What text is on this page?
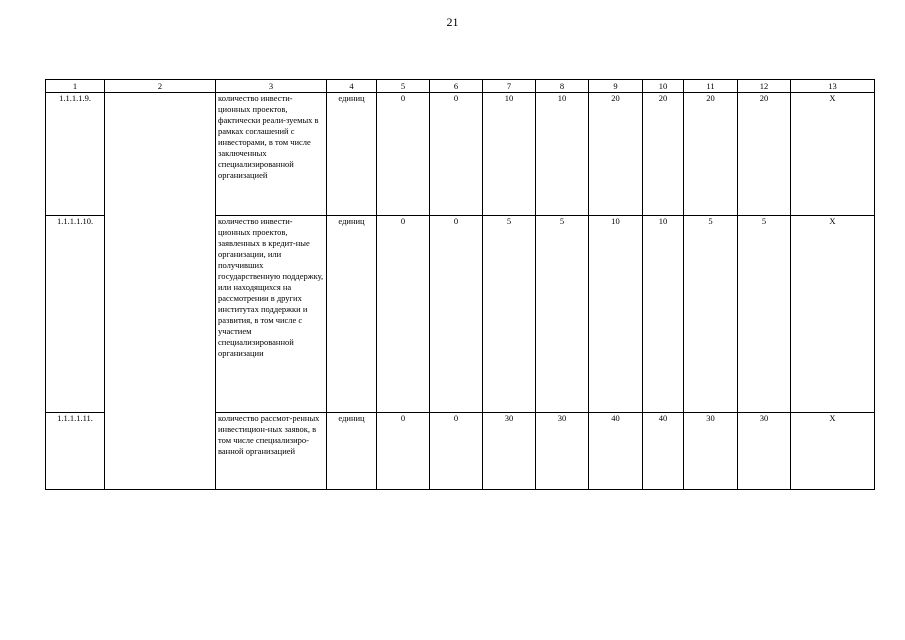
21
1	2	3	4	5	6	7	8	9	10	11	12	13
1.1.1.1.9.		количество инвести-ционных проектов, фактически реали-зуемых в рамках соглашений с инвесторами, в том числе заключенных специализированной организацией	единиц	0	0	10	10	20	20	20	20	X
1.1.1.1.10.		количество инвести-ционных проектов, заявленных в кредит-ные организации, или получивших государственную поддержку, или находящихся на рассмотрении в других институтах поддержки и развития, в том числе с участием специализированной организации	единиц	0	0	5	5	10	10	5	5	X
1.1.1.1.11.		количество рассмот-ренных инвестицион-ных заявок, в том числе специализиро-ванной организацией	единиц	0	0	30	30	40	40	30	30	X
